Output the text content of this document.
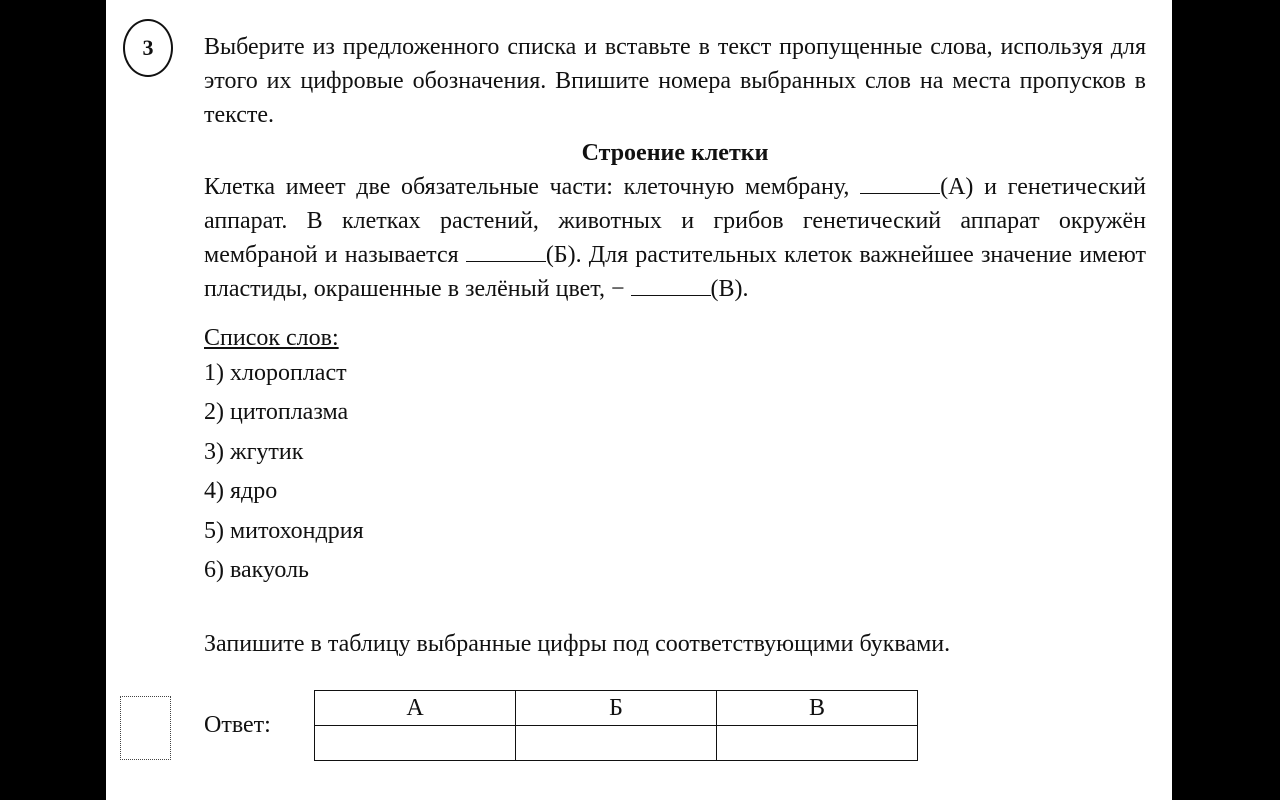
3 Выберите из предложенного списка и вставьте в текст пропущенные слова, используя для этого их цифровые обозначения. Впишите номера выбранных слов на места пропусков в тексте.

Строение клетки

Клетка имеет две обязательные части: клеточную мембрану,	(А) и генетический аппарат. В клетках растений, животных и грибов генетический аппарат окружён мембраной и называется	(Б). Для растительных клеток важнейшее значение имеют пластиды, окрашенные в зелёный цвет, −	(В).

Список слов:

1) хлоропласт
2) цитоплазма
3) жгутик
4) ядро
5) митохондрия
6) вакуоль

Запишите в таблицу выбранные цифры под соответствующими буквами.

Ответ:
А	Б	В
